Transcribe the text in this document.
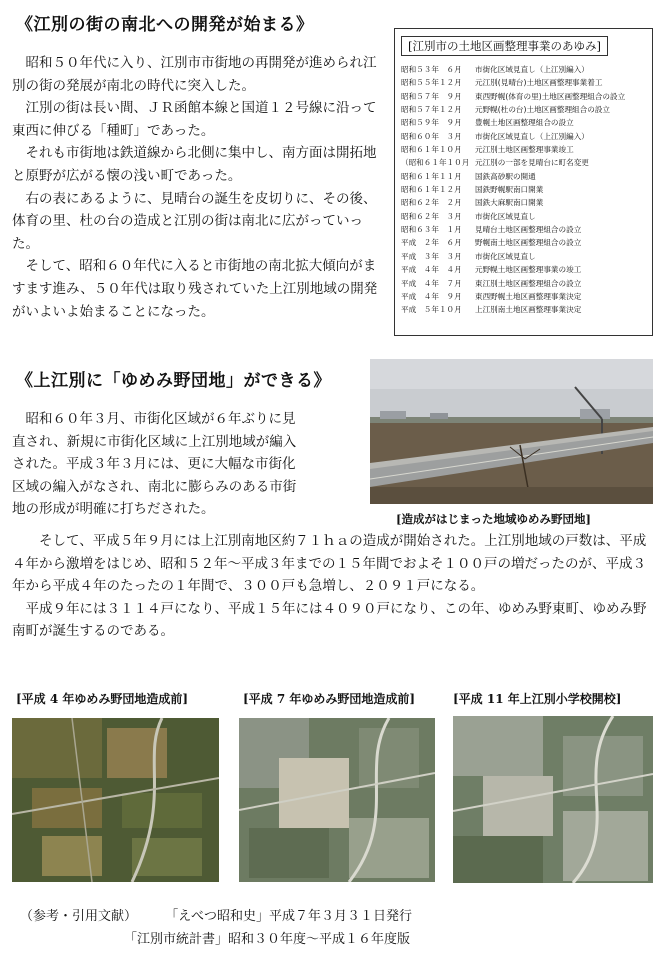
《江別の街の南北への開発が始まる》

昭和５０年代に入り、江別市市街地の再開発が進められ江別の街の発展が南北の時代に突入した。

江別の街は長い間、ＪＲ函館本線と国道１２号線に沿って東西に伸びる「種町」であった。

それも市街地は鉄道線から北側に集中し、南方面は開拓地と原野が広がる懐の浅い町であった。

右の表にあるように、見晴台の誕生を皮切りに、その後、体育の里、杜の台の造成と江別の街は南北に広がっていった。

そして、昭和６０年代に入ると市街地の南北拡大傾向がますます進み、５０年代は取り残されていた上江別地域の開発がいよいよ始まることになった。

[江別市の土地区画整理事業のあゆみ]
昭和５３年　６月	市街化区域見直し（上江別編入）
昭和５５年１２月	元江別(見晴台)土地区画整理事業着工
昭和５７年　９月	東西野幌(体育の里)土地区画整理組合の設立
昭和５７年１２月	元野幌(杜の台)土地区画整理組合の設立
昭和５９年　９月	豊幌土地区画整理組合の設立
昭和６０年　３月	市街化区域見直し（上江別編入）
昭和６１年１０月	元江別土地区画整理事業竣工
（昭和６１年１０月 元江別の一部を見晴台に町名変更
昭和６１年１１月	国鉄高砂駅の開通
昭和６１年１２月	国鉄野幌駅南口開業
昭和６２年　２月	国鉄大麻駅南口開業
昭和６２年　３月	市街化区域見直し
昭和６３年　１月	見晴台土地区画整理組合の設立
平成　２年　６月	野幌南土地区画整理組合の設立
平成　３年　３月	市街化区域見直し
平成　４年　４月	元野幌土地区画整理事業の竣工
平成　４年　７月	東江別土地区画整理組合の設立
平成　４年　９月	東西野幌土地区画整理事業決定
平成　５年１０月	上江別南土地区画整理事業決定
《上江別に「ゆめみ野団地」ができる》

昭和６０年３月、市街化区域が６年ぶりに見

直され、新規に市街化区域に上江別地域が編入

された。平成３年３月には、更に大幅な市街化

区域の編入がなされ、南北に膨らみのある市街

地の形成が明確に打ちだされた。

[造成がはじまった地域ゆめみ野団地]

そして、平成５年９月には上江別南地区約７１ｈａの造成が開始された。上江別地域の戸数は、平成４年から激増をはじめ、昭和５２年〜平成３年までの１５年間でおよそ１００戸の増だったのが、平成３年から平成４年のたったの１年間で、３００戸も急増し、２０９１戸になる。

平成９年には３１１４戸になり、平成１５年には４０９０戸になり、この年、ゆめみ野東町、ゆめみ野南町が誕生するのである。

[平成 4 年ゆめみ野団地造成前]	[平成 7 年ゆめみ野団地造成前]	[平成 11 年上江別小学校開校]
（参考・引用文献） 「えべつ昭和史」平成７年３月３１日発行
「江別市統計書」昭和３０年度〜平成１６年度版
